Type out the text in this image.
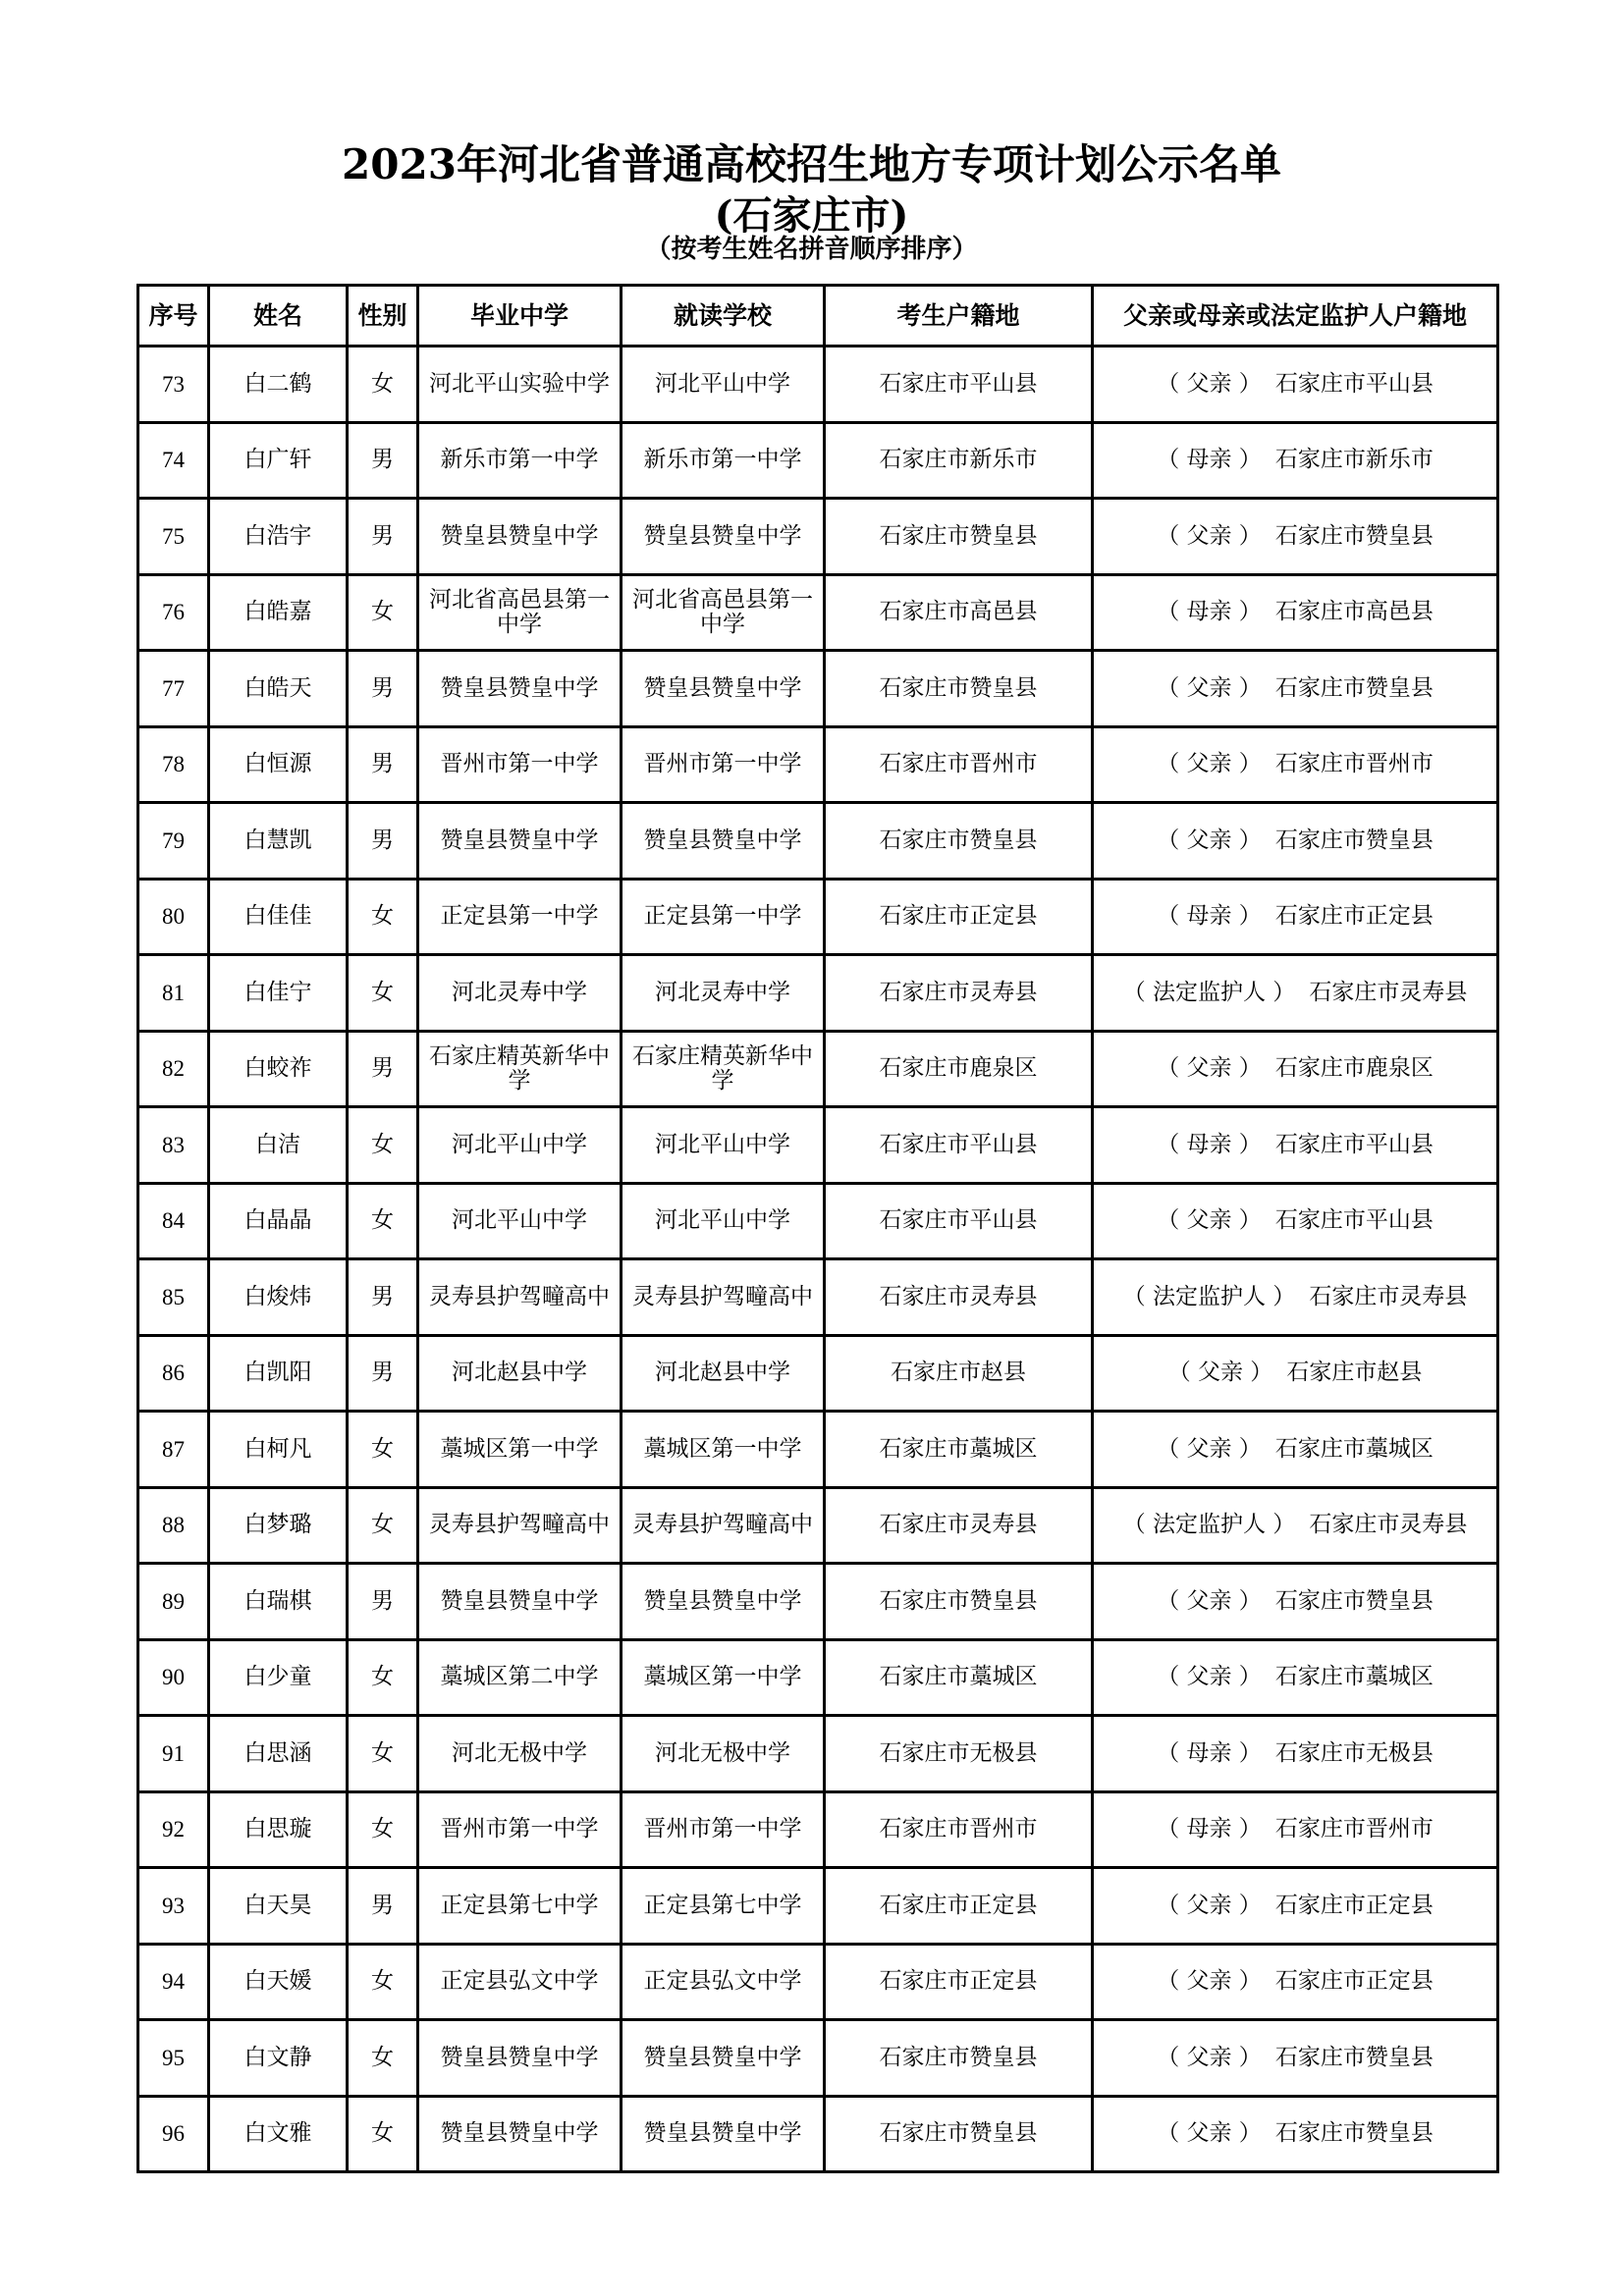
2023年河北省普通高校招生地方专项计划公示名单
(石家庄市)
（按考生姓名拼音顺序排序）
序号	姓名	性别	毕业中学	就读学校	考生户籍地	父亲或母亲或法定监护人户籍地
73	白二鹤	女	河北平山实验中学	河北平山中学	石家庄市平山县	（ 父亲 ） 石家庄市平山县
74	白广轩	男	新乐市第一中学	新乐市第一中学	石家庄市新乐市	（ 母亲 ） 石家庄市新乐市
75	白浩宇	男	赞皇县赞皇中学	赞皇县赞皇中学	石家庄市赞皇县	（ 父亲 ） 石家庄市赞皇县
76	白皓嘉	女	河北省高邑县第一中学	河北省高邑县第一中学	石家庄市高邑县	（ 母亲 ） 石家庄市高邑县
77	白皓天	男	赞皇县赞皇中学	赞皇县赞皇中学	石家庄市赞皇县	（ 父亲 ） 石家庄市赞皇县
78	白恒源	男	晋州市第一中学	晋州市第一中学	石家庄市晋州市	（ 父亲 ） 石家庄市晋州市
79	白慧凯	男	赞皇县赞皇中学	赞皇县赞皇中学	石家庄市赞皇县	（ 父亲 ） 石家庄市赞皇县
80	白佳佳	女	正定县第一中学	正定县第一中学	石家庄市正定县	（ 母亲 ） 石家庄市正定县
81	白佳宁	女	河北灵寿中学	河北灵寿中学	石家庄市灵寿县	（ 法定监护人 ） 石家庄市灵寿县
82	白蛟祚	男	石家庄精英新华中学	石家庄精英新华中学	石家庄市鹿泉区	（ 父亲 ） 石家庄市鹿泉区
83	白洁	女	河北平山中学	河北平山中学	石家庄市平山县	（ 母亲 ） 石家庄市平山县
84	白晶晶	女	河北平山中学	河北平山中学	石家庄市平山县	（ 父亲 ） 石家庄市平山县
85	白焌炜	男	灵寿县护驾疃高中	灵寿县护驾疃高中	石家庄市灵寿县	（ 法定监护人 ） 石家庄市灵寿县
86	白凯阳	男	河北赵县中学	河北赵县中学	石家庄市赵县	（ 父亲 ） 石家庄市赵县
87	白柯凡	女	藁城区第一中学	藁城区第一中学	石家庄市藁城区	（ 父亲 ） 石家庄市藁城区
88	白梦璐	女	灵寿县护驾疃高中	灵寿县护驾疃高中	石家庄市灵寿县	（ 法定监护人 ） 石家庄市灵寿县
89	白瑞棋	男	赞皇县赞皇中学	赞皇县赞皇中学	石家庄市赞皇县	（ 父亲 ） 石家庄市赞皇县
90	白少童	女	藁城区第二中学	藁城区第一中学	石家庄市藁城区	（ 父亲 ） 石家庄市藁城区
91	白思涵	女	河北无极中学	河北无极中学	石家庄市无极县	（ 母亲 ） 石家庄市无极县
92	白思璇	女	晋州市第一中学	晋州市第一中学	石家庄市晋州市	（ 母亲 ） 石家庄市晋州市
93	白天昊	男	正定县第七中学	正定县第七中学	石家庄市正定县	（ 父亲 ） 石家庄市正定县
94	白天媛	女	正定县弘文中学	正定县弘文中学	石家庄市正定县	（ 父亲 ） 石家庄市正定县
95	白文静	女	赞皇县赞皇中学	赞皇县赞皇中学	石家庄市赞皇县	（ 父亲 ） 石家庄市赞皇县
96	白文雅	女	赞皇县赞皇中学	赞皇县赞皇中学	石家庄市赞皇县	（ 父亲 ） 石家庄市赞皇县
